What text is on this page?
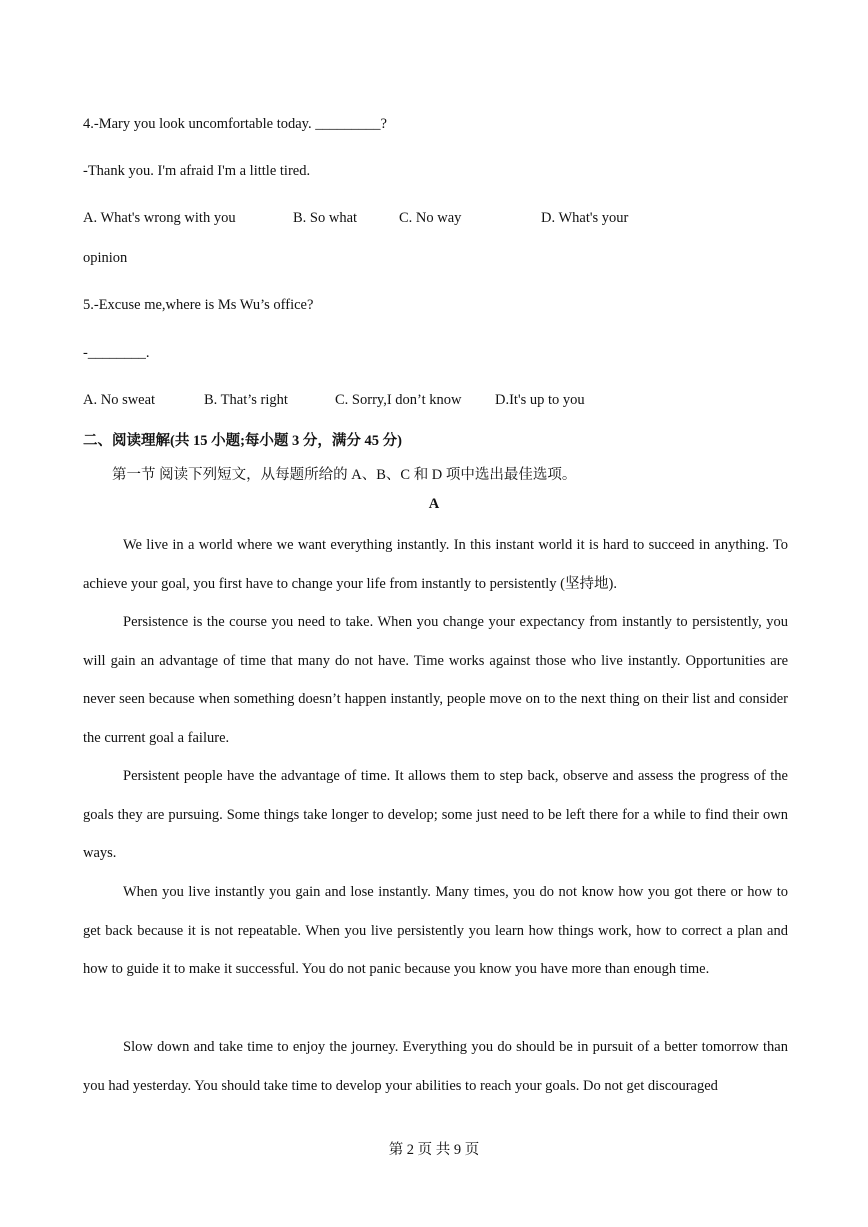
4.-Mary you look uncomfortable today. _________?
-Thank you. I'm afraid I'm a little tired.
A. What's wrong with you	B. So what	C. No way	D. What's your
opinion
5.-Excuse me,where is Ms Wu’s office?
-________.
A. No sweat	B. That’s right	C. Sorry,I don’t know D.It's up to you
二、阅读理解(共 15 小题;每小题 3 分，满分 45 分)
第一节 阅读下列短文，从每题所给的 A、B、C 和 D 项中选出最佳选项。
A

We live in a world where we want everything instantly. In this instant world it is hard to succeed in anything. To achieve your goal, you first have to change your life from instantly to persistently (坚持地).

Persistence is the course you need to take. When you change your expectancy from instantly to persistently, you will gain an advantage of time that many do not have. Time works against those who live instantly. Opportunities are never seen because when something doesn’t happen instantly, people move on to the next thing on their list and consider the current goal a failure.

Persistent people have the advantage of time. It allows them to step back, observe and assess the progress of the goals they are pursuing. Some things take longer to develop; some just need to be left there for a while to find their own ways.

When you live instantly you gain and lose instantly. Many times, you do not know how you got there or how to get back because it is not repeatable. When you live persistently you learn how things work, how to correct a plan and how to guide it to make it successful. You do not panic because you know you have more than enough time.

Slow down and take time to enjoy the journey. Everything you do should be in pursuit of a better tomorrow than you had yesterday. You should take time to develop your abilities to reach your goals. Do not get discouraged

第 2 页 共 9 页
